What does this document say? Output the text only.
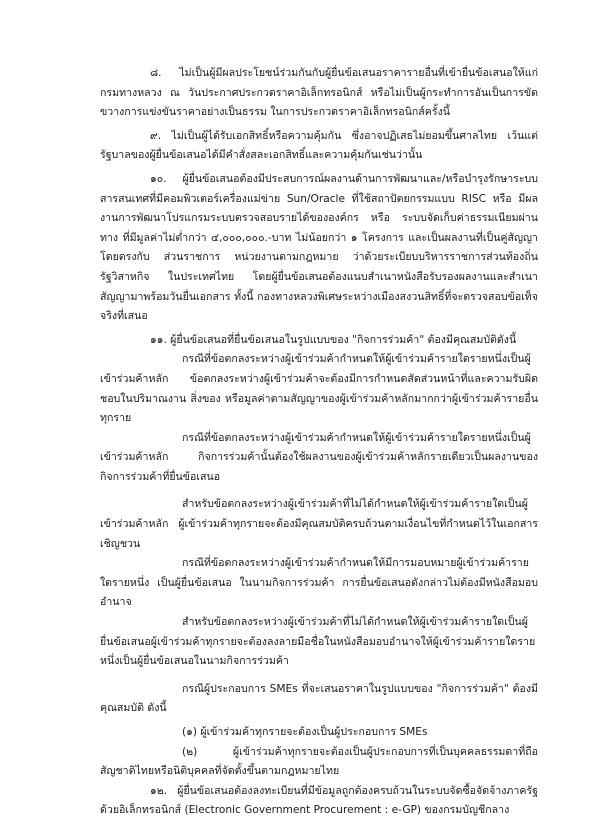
๘. ไม่เป็นผู้มีผลประโยชน์ร่วมกันกับผู้ยื่นข้อเสนอราคารายอื่นที่เข้ายื่นข้อเสนอให้แก่กรมทางหลวง ณ วันประกาศประกวดราคาอิเล็กทรอนิกส์ หรือไม่เป็นผู้กระทำการอันเป็นการขัดขวางการแข่งขันราคาอย่างเป็นธรรม ในการประกวดราคาอิเล็กทรอนิกส์ครั้งนี้

๙. ไม่เป็นผู้ได้รับเอกสิทธิ์หรือความคุ้มกัน ซึ่งอาจปฏิเสธไม่ยอมขึ้นศาลไทย เว้นแต่รัฐบาลของผู้ยื่นข้อเสนอได้มีคำสั่งสละเอกสิทธิ์และความคุ้มกันเช่นว่านั้น

๑๐. ผู้ยื่นข้อเสนอต้องมีประสบการณ์ผลงานด้านการพัฒนาและ/หรือบำรุงรักษาระบบสารสนเทศที่มีคอมพิวเตอร์เครื่องแม่ข่าย Sun/Oracle ที่ใช้สถาปัตยกรรมแบบ RISC หรือ มีผลงานการพัฒนาโปรแกรมระบบตรวจสอบรายได้ขององค์กร หรือ ระบบจัดเก็บค่าธรรมเนียมผ่านทาง ที่มีมูลค่าไม่ต่ำกว่า ๔,๐๐๐,๐๐๐.-บาท ไม่น้อยกว่า ๑ โครงการ และเป็นผลงานที่เป็นคู่สัญญาโดยตรงกับ ส่วนราชการ หน่วยงานตามกฎหมาย ว่าด้วยระเบียบบริหารราชการส่วนท้องถิ่น รัฐวิสาหกิจ ในประเทศไทย โดยผู้ยื่นข้อเสนอต้องแนบสำเนาหนังสือรับรองผลงานและสำเนาสัญญามาพร้อมวันยื่นเอกสาร ทั้งนี้ กองทางหลวงพิเศษระหว่างเมืองสงวนสิทธิ์ที่จะตรวจสอบข้อเท็จจริงที่เสนอ

๑๑. ผู้ยื่นข้อเสนอที่ยื่นข้อเสนอในรูปแบบของ "กิจการร่วมค้า" ต้องมีคุณสมบัติดังนี้

กรณีที่ข้อตกลงระหว่างผู้เข้าร่วมค้ากำหนดให้ผู้เข้าร่วมค้ารายใดรายหนึ่งเป็นผู้เข้าร่วมค้าหลัก ข้อตกลงระหว่างผู้เข้าร่วมค้าจะต้องมีการกำหนดสัดส่วนหน้าที่และความรับผิดชอบในปริมาณงาน สิ่งของ หรือมูลค่าตามสัญญาของผู้เข้าร่วมค้าหลักมากกว่าผู้เข้าร่วมค้ารายอื่นทุกราย

กรณีที่ข้อตกลงระหว่างผู้เข้าร่วมค้ากำหนดให้ผู้เข้าร่วมค้ารายใดรายหนึ่งเป็นผู้เข้าร่วมค้าหลัก กิจการร่วมค้านั้นต้องใช้ผลงานของผู้เข้าร่วมค้าหลักรายเดียวเป็นผลงานของกิจการร่วมค้าที่ยื่นข้อเสนอ

สำหรับข้อตกลงระหว่างผู้เข้าร่วมค้าที่ไม่ได้กำหนดให้ผู้เข้าร่วมค้ารายใดเป็นผู้เข้าร่วมค้าหลัก ผู้เข้าร่วมค้าทุกรายจะต้องมีคุณสมบัติครบถ้วนตามเงื่อนไขที่กำหนดไว้ในเอกสารเชิญชวน

กรณีที่ข้อตกลงระหว่างผู้เข้าร่วมค้ากำหนดให้มีการมอบหมายผู้เข้าร่วมค้ารายใดรายหนึ่ง เป็นผู้ยื่นข้อเสนอ ในนามกิจการร่วมค้า การยื่นข้อเสนอดังกล่าวไม่ต้องมีหนังสือมอบอำนาจ

สำหรับข้อตกลงระหว่างผู้เข้าร่วมค้าที่ไม่ได้กำหนดให้ผู้เข้าร่วมค้ารายใดเป็นผู้ยื่นข้อเสนอผู้เข้าร่วมค้าทุกรายจะต้องลงลายมือชื่อในหนังสือมอบอำนาจให้ผู้เข้าร่วมค้ารายใดรายหนึ่งเป็นผู้ยื่นข้อเสนอในนามกิจการร่วมค้า

กรณีผู้ประกอบการ SMEs ที่จะเสนอราคาในรูปแบบของ "กิจการร่วมค้า" ต้องมีคุณสมบัติ ดังนี้

(๑) ผู้เข้าร่วมค้าทุกรายจะต้องเป็นผู้ประกอบการ SMEs

(๒) ผู้เข้าร่วมค้าทุกรายจะต้องเป็นผู้ประกอบการที่เป็นบุคคลธรรมดาที่ถือสัญชาติไทยหรือนิติบุคคลที่จัดตั้งขึ้นตามกฎหมายไทย

๑๒. ผู้ยื่นข้อเสนอต้องลงทะเบียนที่มีข้อมูลถูกต้องครบถ้วนในระบบจัดซื้อจัดจ้างภาครัฐด้วยอิเล็กทรอนิกส์ (Electronic Government Procurement : e-GP) ของกรมบัญชีกลาง
